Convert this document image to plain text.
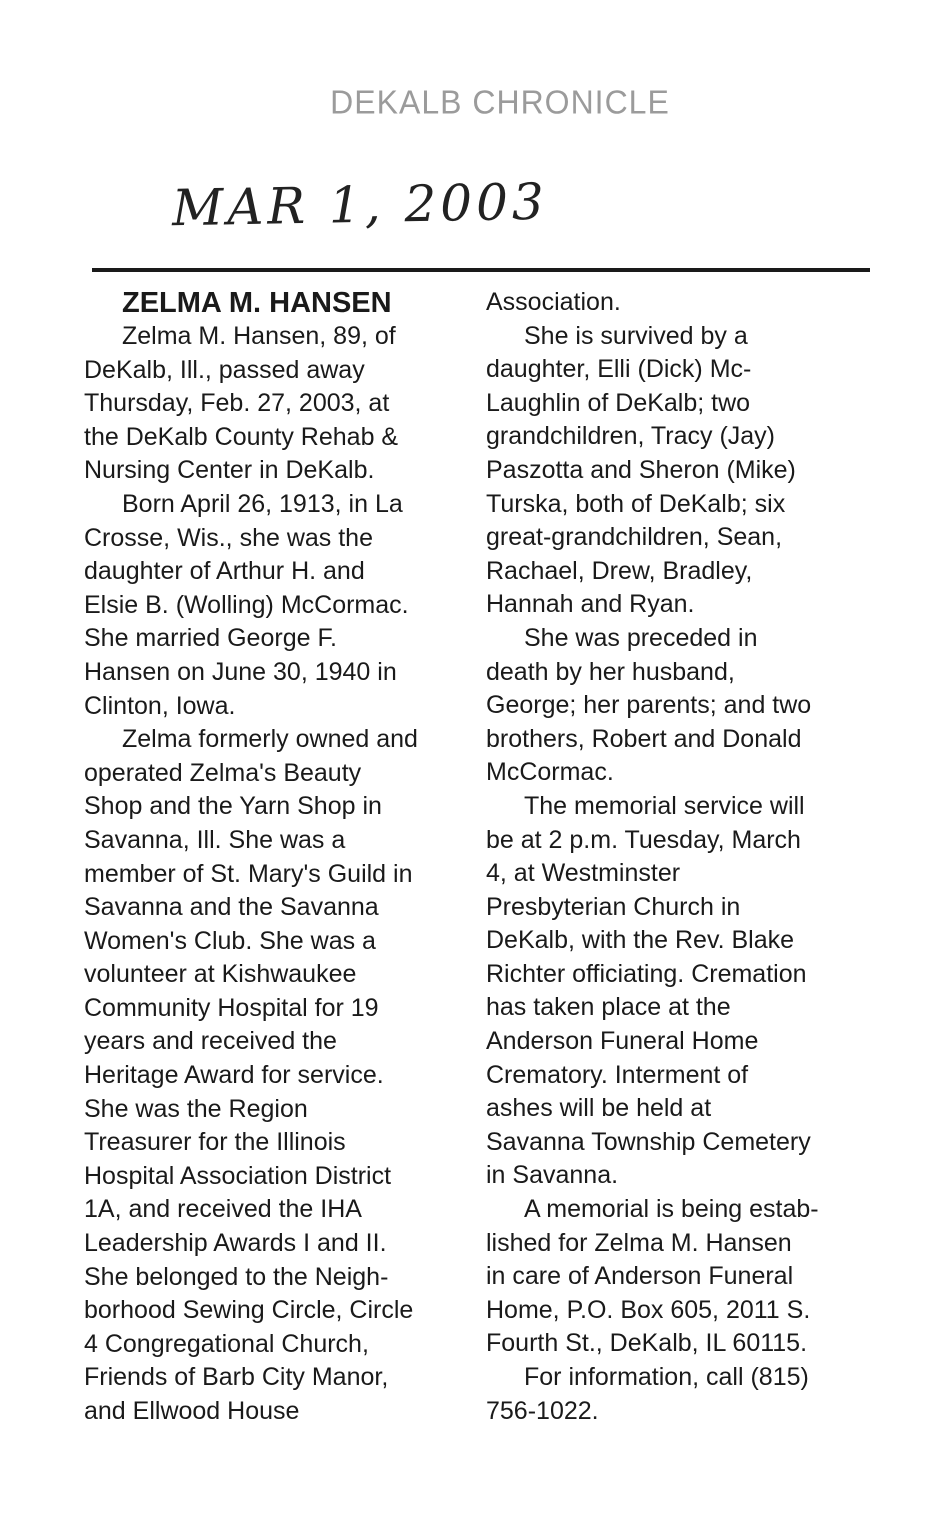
DEKALB CHRONICLE
MAR 1, 2003
ZELMA M. HANSEN
Zelma M. Hansen, 89, of
DeKalb, Ill., passed away
Thursday, Feb. 27, 2003, at
the DeKalb County Rehab &
Nursing Center in DeKalb.
Born April 26, 1913, in La
Crosse, Wis., she was the
daughter of Arthur H. and
Elsie B. (Wolling) McCormac.
She married George F.
Hansen on June 30, 1940 in
Clinton, Iowa.
Zelma formerly owned and
operated Zelma's Beauty
Shop and the Yarn Shop in
Savanna, Ill. She was a
member of St. Mary's Guild in
Savanna and the Savanna
Women's Club. She was a
volunteer at Kishwaukee
Community Hospital for 19
years and received the
Heritage Award for service.
She was the Region
Treasurer for the Illinois
Hospital Association District
1A, and received the IHA
Leadership Awards I and II.
She belonged to the Neigh-
borhood Sewing Circle, Circle
4 Congregational Church,
Friends of Barb City Manor,
and Ellwood House
Association.
She is survived by a
daughter, Elli (Dick) Mc-
Laughlin of DeKalb; two
grandchildren, Tracy (Jay)
Paszotta and Sheron (Mike)
Turska, both of DeKalb; six
great-grandchildren, Sean,
Rachael, Drew, Bradley,
Hannah and Ryan.
She was preceded in
death by her husband,
George; her parents; and two
brothers, Robert and Donald
McCormac.
The memorial service will
be at 2 p.m. Tuesday, March
4, at Westminster
Presbyterian Church in
DeKalb, with the Rev. Blake
Richter officiating. Cremation
has taken place at the
Anderson Funeral Home
Crematory. Interment of
ashes will be held at
Savanna Township Cemetery
in Savanna.
A memorial is being estab-
lished for Zelma M. Hansen
in care of Anderson Funeral
Home, P.O. Box 605, 2011 S.
Fourth St., DeKalb, IL 60115.
For information, call (815)
756-1022.
